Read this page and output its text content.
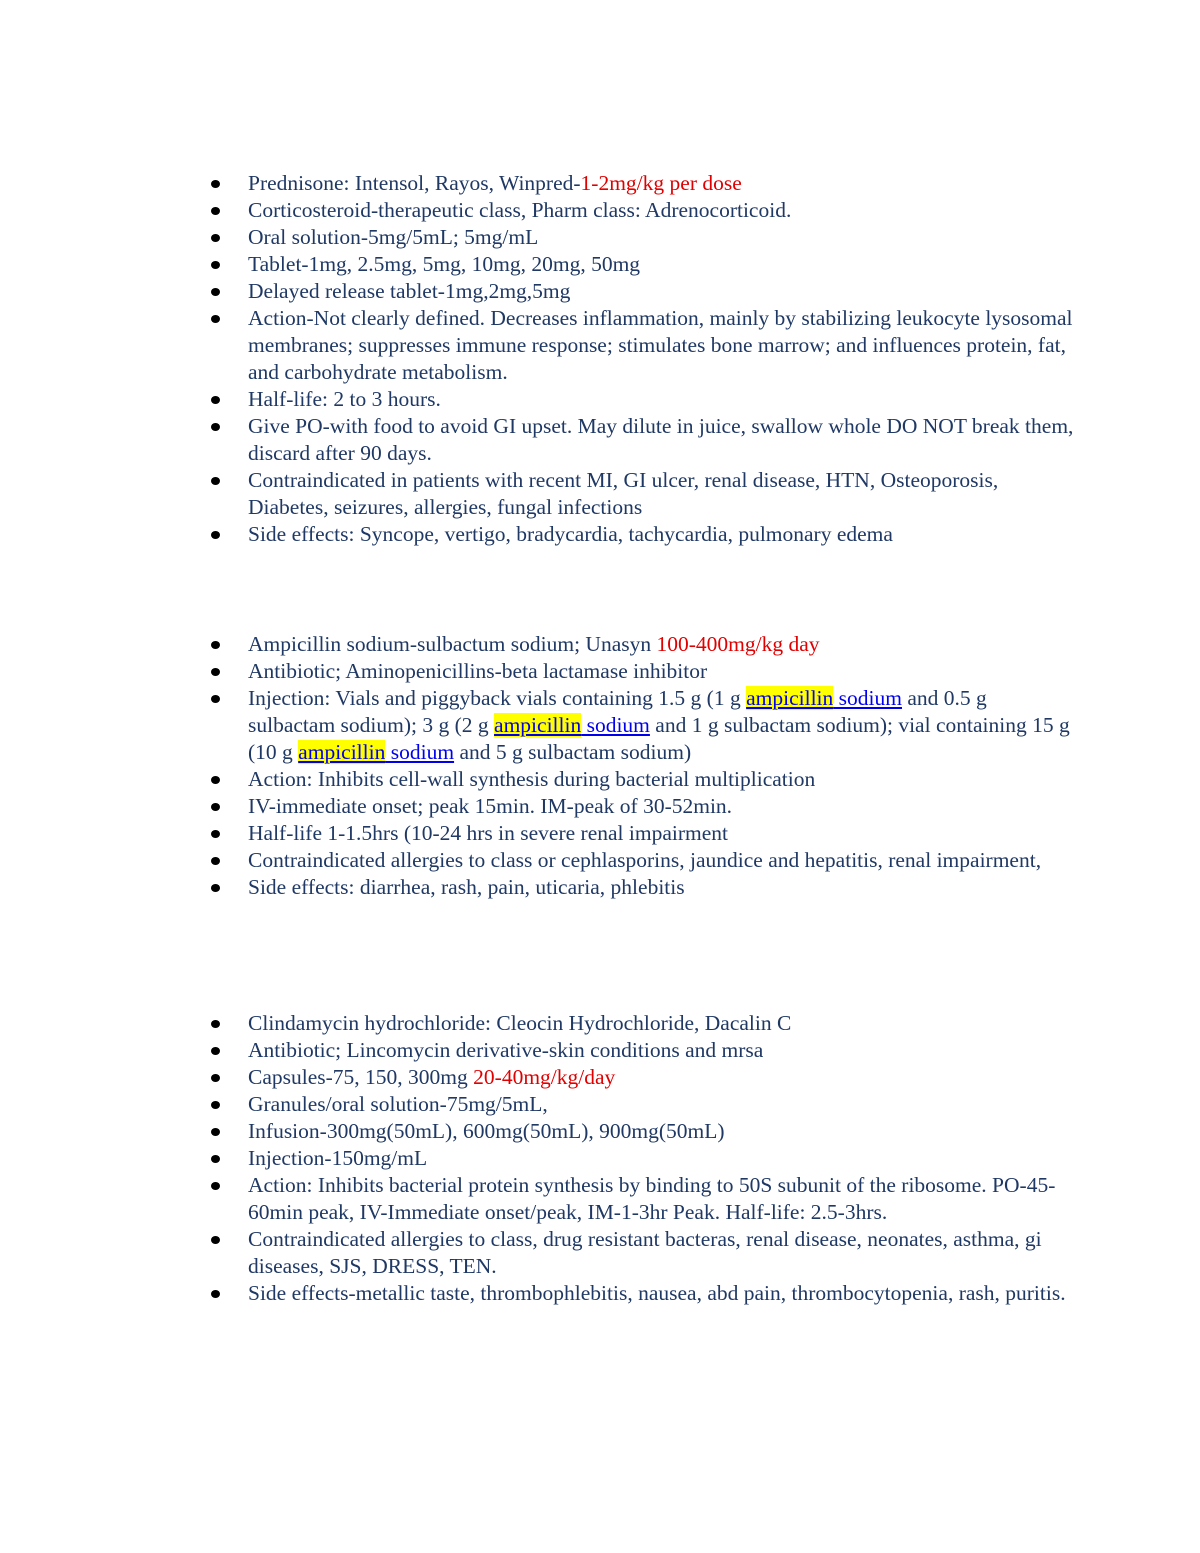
Prednisone: Intensol, Rayos, Winpred-1-2mg/kg per dose
Corticosteroid-therapeutic class, Pharm class: Adrenocorticoid.
Oral solution-5mg/5mL; 5mg/mL
Tablet-1mg, 2.5mg, 5mg, 10mg, 20mg, 50mg
Delayed release tablet-1mg,2mg,5mg
Action-Not clearly defined. Decreases inflammation, mainly by stabilizing leukocyte lysosomal membranes; suppresses immune response; stimulates bone marrow; and influences protein, fat, and carbohydrate metabolism.
Half-life: 2 to 3 hours.
Give PO-with food to avoid GI upset. May dilute in juice, swallow whole DO NOT break them, discard after 90 days.
Contraindicated in patients with recent MI, GI ulcer, renal disease, HTN, Osteoporosis, Diabetes, seizures, allergies, fungal infections
Side effects: Syncope, vertigo, bradycardia, tachycardia, pulmonary edema
Ampicillin sodium-sulbactum sodium; Unasyn 100-400mg/kg day
Antibiotic; Aminopenicillins-beta lactamase inhibitor
Injection: Vials and piggyback vials containing 1.5 g (1 g ampicillin sodium and 0.5 g sulbactam sodium); 3 g (2 g ampicillin sodium and 1 g sulbactam sodium); vial containing 15 g (10 g ampicillin sodium and 5 g sulbactam sodium)
Action: Inhibits cell-wall synthesis during bacterial multiplication
IV-immediate onset; peak 15min. IM-peak of 30-52min.
Half-life 1-1.5hrs (10-24 hrs in severe renal impairment
Contraindicated allergies to class or cephlasporins, jaundice and hepatitis, renal impairment,
Side effects: diarrhea, rash, pain, uticaria, phlebitis
Clindamycin hydrochloride: Cleocin Hydrochloride, Dacalin C
Antibiotic; Lincomycin derivative-skin conditions and mrsa
Capsules-75, 150, 300mg 20-40mg/kg/day
Granules/oral solution-75mg/5mL,
Infusion-300mg(50mL), 600mg(50mL), 900mg(50mL)
Injection-150mg/mL
Action: Inhibits bacterial protein synthesis by binding to 50S subunit of the ribosome. PO-45-60min peak, IV-Immediate onset/peak, IM-1-3hr Peak. Half-life: 2.5-3hrs.
Contraindicated allergies to class, drug resistant bacteras, renal disease, neonates, asthma, gi diseases, SJS, DRESS, TEN.
Side effects-metallic taste, thrombophlebitis, nausea, abd pain, thrombocytopenia, rash, puritis.
